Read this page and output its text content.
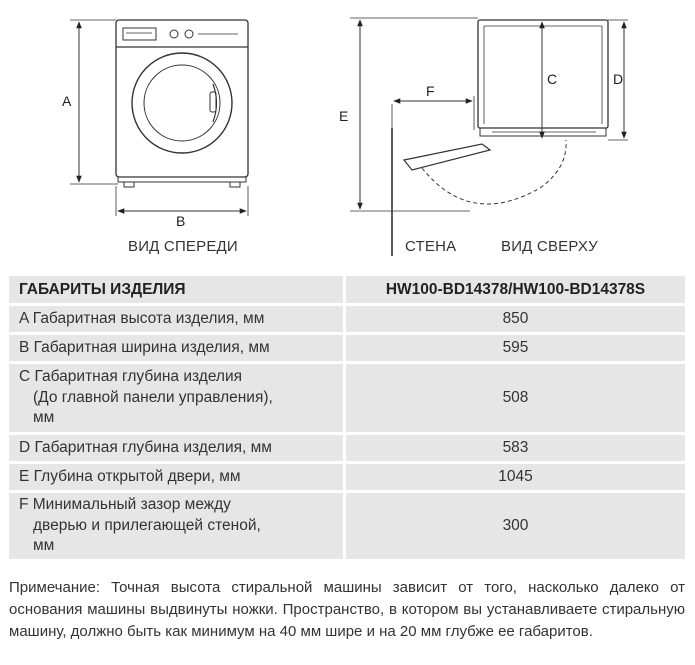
A
B
C	D
E
F
ВИД СПЕРЕДИ	СТЕНА	ВИД СВЕРХУ
ГАБАРИТЫ ИЗДЕЛИЯ	HW100-BD14378/HW100-BD14378S
A Габаритная высота изделия, мм	850
B Габаритная ширина изделия, мм	595

C Габаритная глубина изделия
(До главной панели управления),
мм	508
D Габаритная глубина изделия, мм	583
E Глубина открытой двери, мм	1045

F Минимальный зазор между
дверью и прилегающей стеной,
мм	300
Примечание: Точная высота стиральной машины зависит от того, насколько далеко от основания машины выдвинуты ножки. Пространство, в котором вы устанавливаете стиральную машину, должно быть как минимум на 40 мм шире и на 20 мм глубже ее габаритов.
